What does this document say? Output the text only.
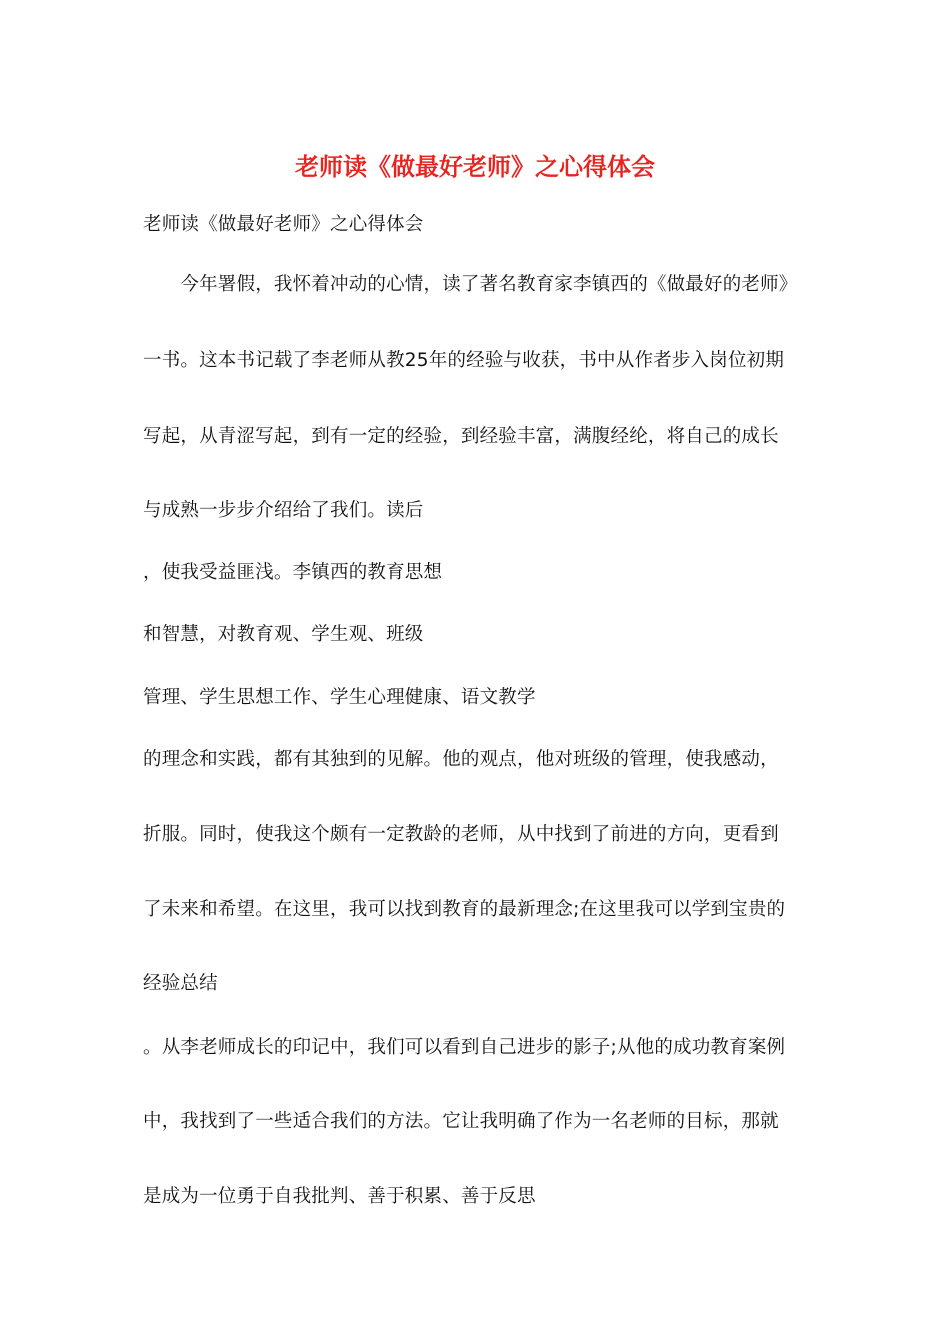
老师读《做最好老师》之心得体会
老师读《做最好老师》之心得体会
　　今年署假，我怀着冲动的心情，读了著名教育家李镇西的《做最好的老师》
一书。这本书记载了李老师从教25年的经验与收获，书中从作者步入岗位初期
写起，从青涩写起，到有一定的经验，到经验丰富，满腹经纶，将自己的成长
与成熟一步步介绍给了我们。读后
，使我受益匪浅。李镇西的教育思想
和智慧，对教育观、学生观、班级
管理、学生思想工作、学生心理健康、语文教学
的理念和实践，都有其独到的见解。他的观点，他对班级的管理，使我感动，
折服。同时，使我这个颇有一定教龄的老师，从中找到了前进的方向，更看到
了未来和希望。在这里，我可以找到教育的最新理念;在这里我可以学到宝贵的
经验总结
。从李老师成长的印记中，我们可以看到自己进步的影子;从他的成功教育案例
中，我找到了一些适合我们的方法。它让我明确了作为一名老师的目标，那就
是成为一位勇于自我批判、善于积累、善于反思
